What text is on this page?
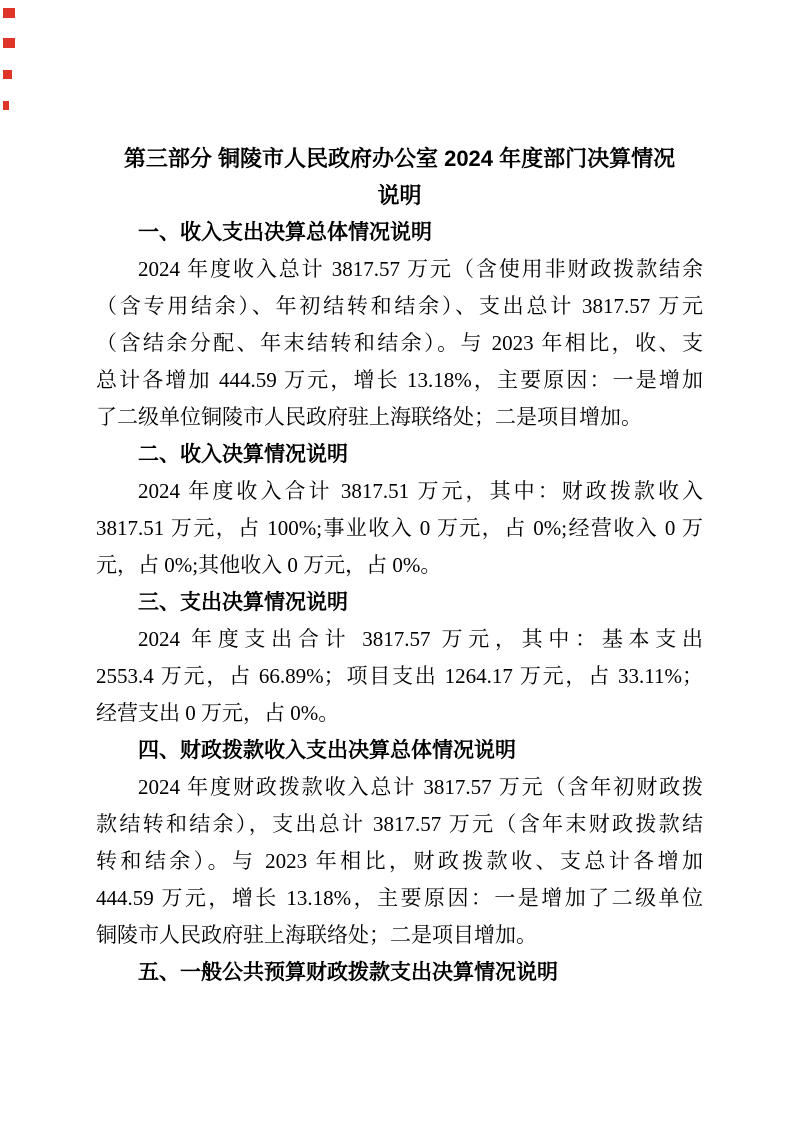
第三部分 铜陵市人民政府办公室 2024 年度部门决算情况
说明
一、收入支出决算总体情况说明
2024 年度收入总计 3817.57 万元（含使用非财政拨款结余
（含专用结余）、年初结转和结余）、支出总计 3817.57 万元
（含结余分配、年末结转和结余）。与 2023 年相比，收、支
总计各增加 444.59 万元，增长 13.18%，主要原因：一是增加
了二级单位铜陵市人民政府驻上海联络处；二是项目增加。
二、收入决算情况说明
2024 年度收入合计 3817.51 万元，其中：财政拨款收入
3817.51 万元，占 100%;事业收入 0 万元，占 0%;经营收入 0 万
元，占 0%;其他收入 0 万元，占 0%。
三、支出决算情况说明
2024 年度支出合计 3817.57 万元，其中：基本支出
2553.4 万元，占 66.89%；项目支出 1264.17 万元，占 33.11%；
经营支出 0 万元，占 0%。
四、财政拨款收入支出决算总体情况说明
2024 年度财政拨款收入总计 3817.57 万元（含年初财政拨
款结转和结余），支出总计 3817.57 万元（含年末财政拨款结
转和结余）。与 2023 年相比，财政拨款收、支总计各增加
444.59 万元，增长 13.18%，主要原因：一是增加了二级单位
铜陵市人民政府驻上海联络处；二是项目增加。
五、一般公共预算财政拨款支出决算情况说明
